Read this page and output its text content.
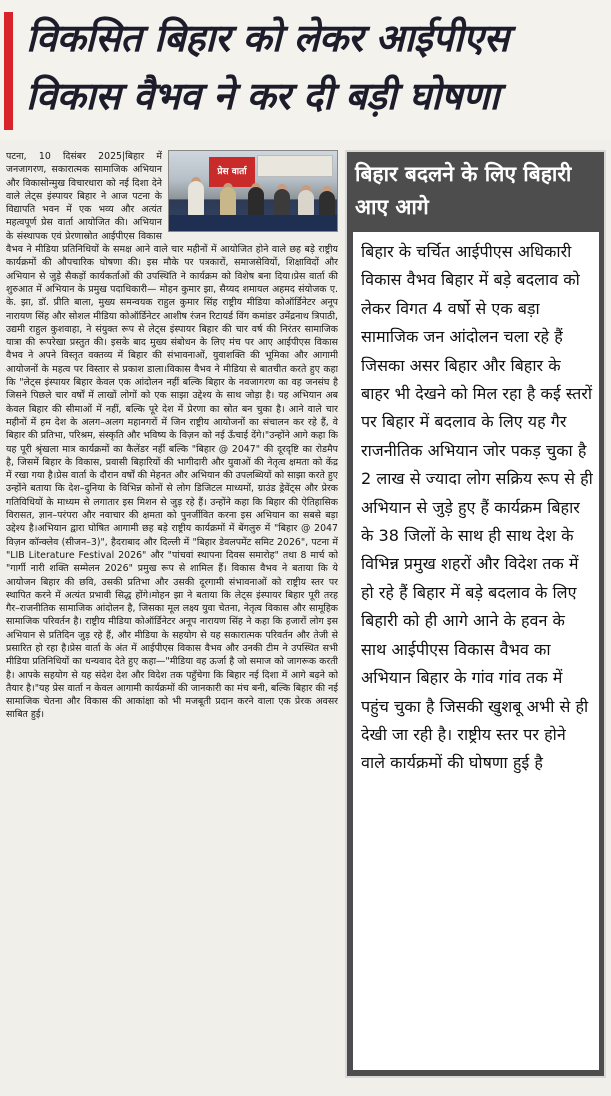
विकसित बिहार को लेकर आईपीएस
विकास वैभव ने कर दी बड़ी घोषणा
प्रेस वार्ता

पटना, 10 दिसंबर 2025|बिहार में जनजागरण, सकारात्मक सामाजिक अभियान और विकासोन्मुख विचारधारा को नई दिशा देने वाले लेट्स इंस्पायर बिहार ने आज पटना के विद्यापति भवन में एक भव्य और अत्यंत महत्वपूर्ण प्रेस वार्ता आयोजित की। अभियान के संस्थापक एवं प्रेरणास्रोत आईपीएस विकास वैभव ने मीडिया प्रतिनिधियों के समक्ष आने वाले चार महीनों में आयोजित होने वाले छह बड़े राष्ट्रीय कार्यक्रमों की औपचारिक घोषणा की। इस मौके पर पत्रकारों, समाजसेवियों, शिक्षाविदों और अभियान से जुड़े सैकड़ों कार्यकर्ताओं की उपस्थिति ने कार्यक्रम को विशेष बना दिया।प्रेस वार्ता की शुरुआत में अभियान के प्रमुख पदाधिकारी— मोहन कुमार झा, सैय्यद शमायल अहमद संयोजक ए. के. झा, डॉ. प्रीति बाला, मुख्य समन्वयक राहुल कुमार सिंह राष्ट्रीय मीडिया कोऑर्डिनेटर अनूप नारायण सिंह और सोशल मीडिया कोऑर्डिनेटर आशीष रंजन रिटायर्ड विंग कमांडर उमेंद्रनाथ त्रिपाठी, उद्यमी राहुल कुशवाहा, ने संयुक्त रूप से लेट्स इंस्पायर बिहार की चार वर्ष की निरंतर सामाजिक यात्रा की रूपरेखा प्रस्तुत की। इसके बाद मुख्य संबोधन के लिए मंच पर आए आईपीएस विकास वैभव ने अपने विस्तृत वक्तव्य में बिहार की संभावनाओं, युवाशक्ति की भूमिका और आगामी आयोजनों के महत्व पर विस्तार से प्रकाश डाला।विकास वैभव ने मीडिया से बातचीत करते हुए कहा कि "लेट्स इंस्पायर बिहार केवल एक आंदोलन नहीं बल्कि बिहार के नवजागरण का वह जनसंघ है जिसने पिछले चार वर्षों में लाखों लोगों को एक साझा उद्देश्य के साथ जोड़ा है। यह अभियान अब केवल बिहार की सीमाओं में नहीं, बल्कि पूरे देश में प्रेरणा का स्रोत बन चुका है। आने वाले चार महीनों में हम देश के अलग–अलग महानगरों में जिन राष्ट्रीय आयोजनों का संचालन कर रहे हैं, वे बिहार की प्रतिभा, परिश्रम, संस्कृति और भविष्य के विज़न को नई ऊँचाई देंगे।"उन्होंने आगे कहा कि यह पूरी श्रृंखला मात्र कार्यक्रमों का कैलेंडर नहीं बल्कि "बिहार @ 2047" की दूरदृष्टि का रोडमैप है, जिसमें बिहार के विकास, प्रवासी बिहारियों की भागीदारी और युवाओं की नेतृत्व क्षमता को केंद्र में रखा गया है।प्रेस वार्ता के दौरान वर्षों की मेहनत और अभियान की उपलब्धियों को साझा करते हुए उन्होंने बताया कि देश–दुनिया के विभिन्न कोनों से लोग डिजिटल माध्यमों, ग्राउंड ड्रेवेंट्स और प्रेरक गतिविधियों के माध्यम से लगातार इस मिशन से जुड़ रहे हैं। उन्होंने कहा कि बिहार की ऐतिहासिक विरासत, ज्ञान–परंपरा और नवाचार की क्षमता को पुनर्जीवित करना इस अभियान का सबसे बड़ा उद्देश्य है।अभियान द्वारा घोषित आगामी छह बड़े राष्ट्रीय कार्यक्रमों में बेंगलुरु में "बिहार @ 2047 विज़न कॉन्क्लेव (सीजन–3)", हैदराबाद और दिल्ली में "बिहार डेवलपमेंट समिट 2026", पटना में "LIB Literature Festival 2026" और "पांचवां स्थापना दिवस समारोह" तथा 8 मार्च को "गार्गी नारी शक्ति सम्मेलन 2026" प्रमुख रूप से शामिल हैं। विकास वैभव ने बताया कि ये आयोजन बिहार की छवि, उसकी प्रतिभा और उसकी दूरगामी संभावनाओं को राष्ट्रीय स्तर पर स्थापित करने में अत्यंत प्रभावी सिद्ध होंगे।मोहन झा ने बताया कि लेट्स इंस्पायर बिहार पूरी तरह गैर–राजनीतिक सामाजिक आंदोलन है, जिसका मूल लक्ष्य युवा चेतना, नेतृत्व विकास और सामूहिक सामाजिक परिवर्तन है। राष्ट्रीय मीडिया कोऑर्डिनेटर अनूप नारायण सिंह ने कहा कि हजारों लोग इस अभियान से प्रतिदिन जुड़ रहे हैं, और मीडिया के सहयोग से यह सकारात्मक परिवर्तन और तेजी से प्रसारित हो रहा है।प्रेस वार्ता के अंत में आईपीएस विकास वैभव और उनकी टीम ने उपस्थित सभी मीडिया प्रतिनिधियों का धन्यवाद देते हुए कहा—"मीडिया वह ऊर्जा है जो समाज को जागरूक करती है। आपके सहयोग से यह संदेश देश और विदेश तक पहुँचेगा कि बिहार नई दिशा में आगे बढ़ने को तैयार है।"यह प्रेस वार्ता न केवल आगामी कार्यक्रमों की जानकारी का मंच बनी, बल्कि बिहार की नई सामाजिक चेतना और विकास की आकांक्षा को भी मजबूती प्रदान करने वाला एक प्रेरक अवसर साबित हुई।

बिहार बदलने के लिए बिहारी आए आगे

बिहार के चर्चित आईपीएस अधिकारी विकास वैभव बिहार में बड़े बदलाव को लेकर विगत 4 वर्षो से एक बड़ा सामाजिक जन आंदोलन चला रहे हैं जिसका असर बिहार और बिहार के बाहर भी देखने को मिल रहा है कई स्तरों पर बिहार में बदलाव के लिए यह गैर राजनीतिक अभियान जोर पकड़ चुका है 2 लाख से ज्यादा लोग सक्रिय रूप से ही अभियान से जुड़े हुए हैं कार्यक्रम बिहार के 38 जिलों के साथ ही साथ देश के विभिन्न प्रमुख शहरों और विदेश तक में हो रहे हैं बिहार में बड़े बदलाव के लिए बिहारी को ही आगे आने के हवन के साथ आईपीएस विकास वैभव का अभियान बिहार के गांव गांव तक में पहुंच चुका है जिसकी खुशबू अभी से ही देखी जा रही है। राष्ट्रीय स्तर पर होने वाले कार्यक्रमों की घोषणा हुई है
